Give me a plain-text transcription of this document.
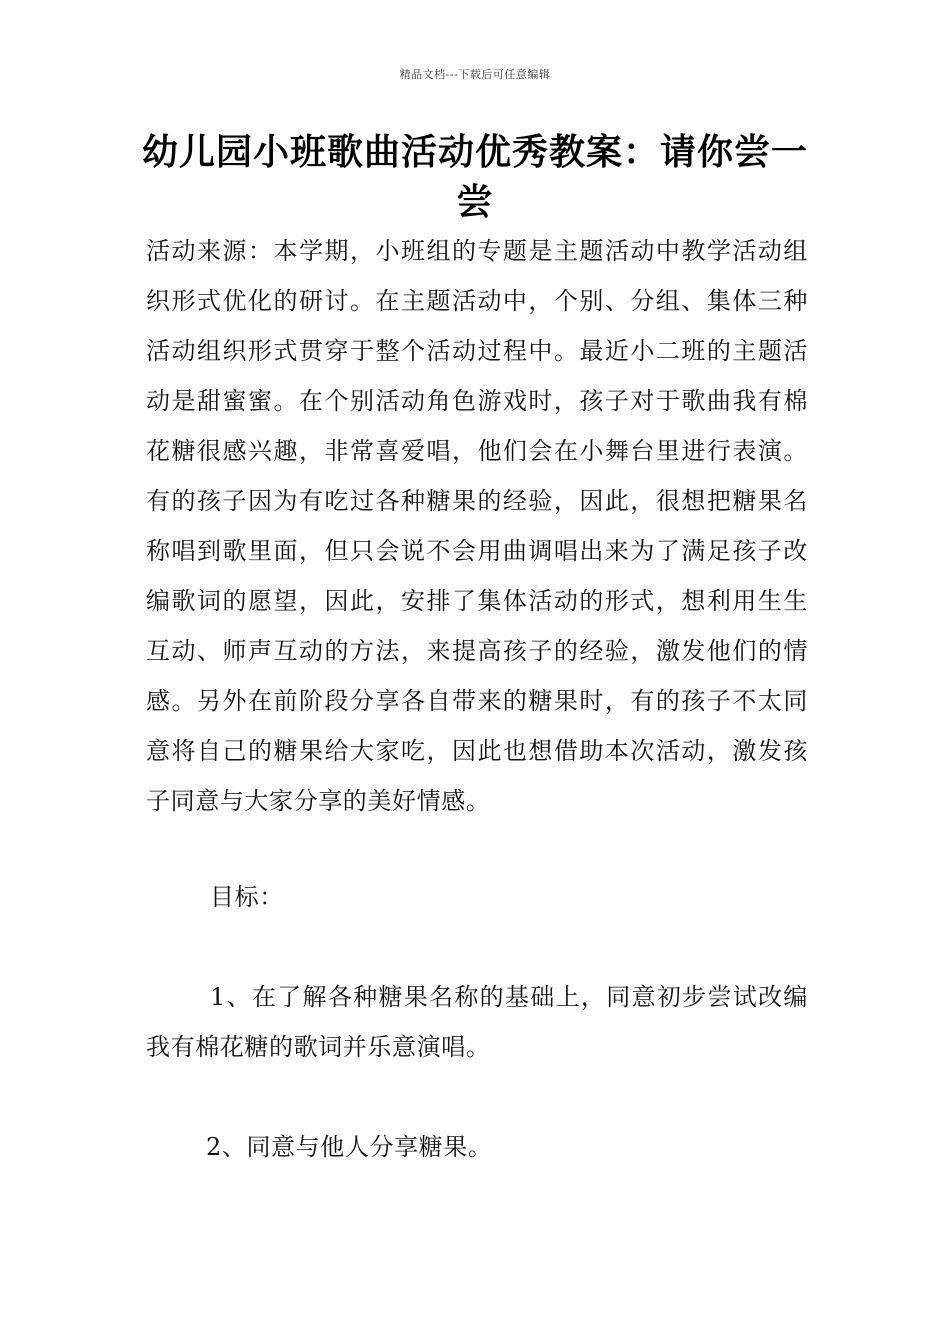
精品文档---下载后可任意编辑
幼儿园小班歌曲活动优秀教案：请你尝一尝
活动来源：本学期，小班组的专题是主题活动中教学活动组织形式优化的研讨。在主题活动中，个别、分组、集体三种活动组织形式贯穿于整个活动过程中。最近小二班的主题活动是甜蜜蜜。在个别活动角色游戏时，孩子对于歌曲我有棉花糖很感兴趣，非常喜爱唱，他们会在小舞台里进行表演。有的孩子因为有吃过各种糖果的经验，因此，很想把糖果名称唱到歌里面，但只会说不会用曲调唱出来为了满足孩子改编歌词的愿望，因此，安排了集体活动的形式，想利用生生互动、师声互动的方法，来提高孩子的经验，激发他们的情感。另外在前阶段分享各自带来的糖果时，有的孩子不太同意将自己的糖果给大家吃，因此也想借助本次活动，激发孩子同意与大家分享的美好情感。
目标：
1、在了解各种糖果名称的基础上，同意初步尝试改编我有棉花糖的歌词并乐意演唱。
2、同意与他人分享糖果。
